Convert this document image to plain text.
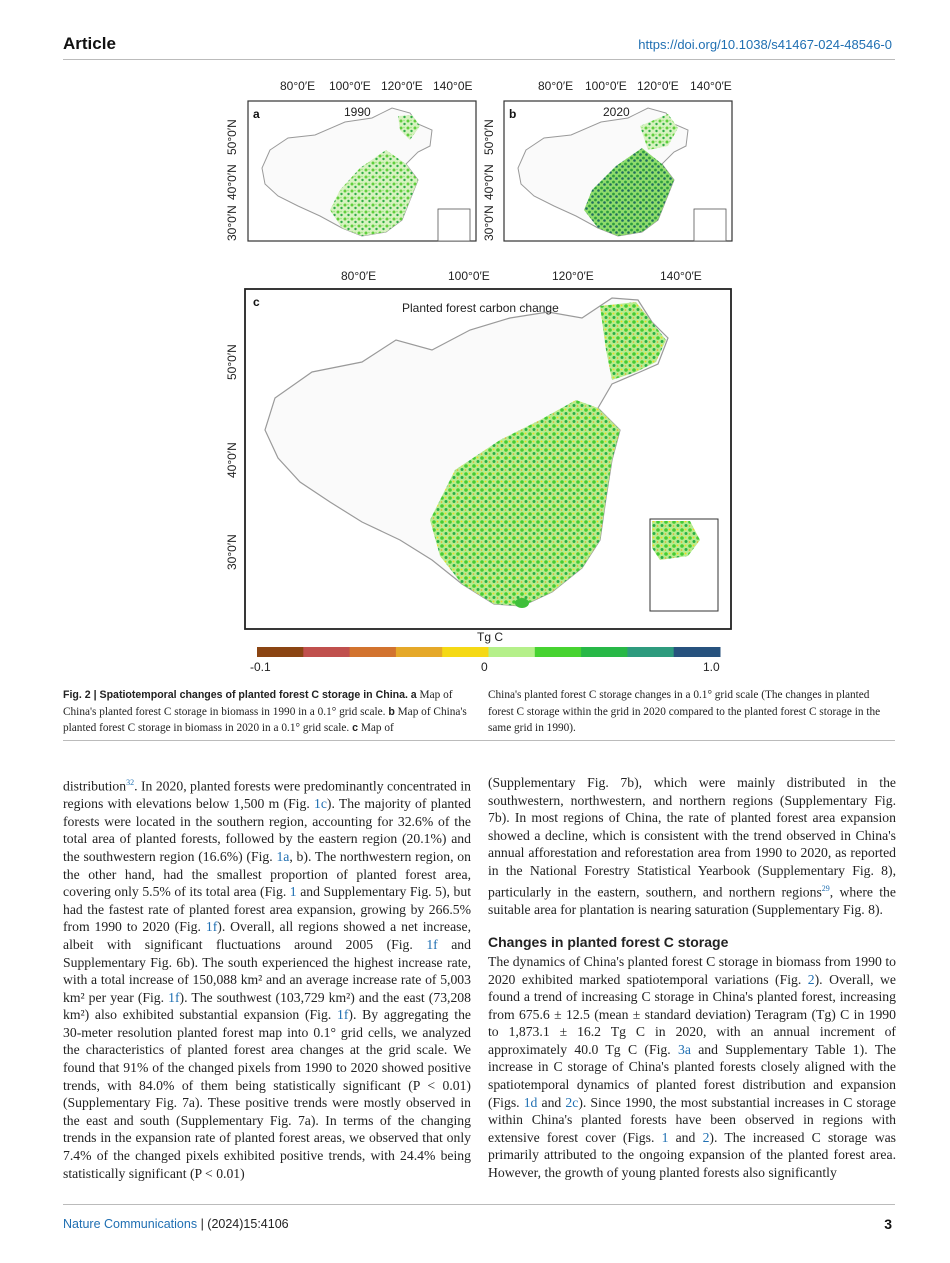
Article	https://doi.org/10.1038/s41467-024-48546-0
a	1990
80°0′E 100°0′E 120°0′E 140°0E
50°0′N
40°0′N
30°0′N
b	2020
80°0′E 100°0′E 120°0′E 140°0′E
50°0′N
40°0′N
30°0′N
c	Planted forest carbon change
80°0′E	100°0′E	120°0′E	140°0′E
50°0′N
40°0′N
30°0′N
Tg C
-0.1	0	1.0
Fig. 2 | Spatiotemporal changes of planted forest C storage in China. a Map of China's planted forest C storage in biomass in 1990 in a 0.1° grid scale. b Map of China's planted forest C storage in biomass in 2020 in a 0.1° grid scale. c Map of
China's planted forest C storage changes in a 0.1° grid scale (The changes in planted forest C storage within the grid in 2020 compared to the planted forest C storage in the same grid in 1990).

distribution$^{32}$. In 2020, planted forests were predominantly concentrated in regions with elevations below 1,500 m (Fig. 1c). The majority of planted forests were located in the southern region, accounting for 32.6% of the total area of planted forests, followed by the eastern region (20.1%) and the southwestern region (16.6%) (Fig. 1a, b). The northwestern region, on the other hand, had the smallest proportion of planted forest area, covering only 5.5% of its total area (Fig. 1 and Supplementary Fig. 5), but had the fastest rate of planted forest area expansion, growing by 266.5% from 1990 to 2020 (Fig. 1f). Overall, all regions showed a net increase, albeit with significant fluctuations around 2005 (Fig. 1f and Supplementary Fig. 6b). The south experienced the highest increase rate, with a total increase of 150,088 km² and an average increase rate of 5,003 km² per year (Fig. 1f). The southwest (103,729 km²) and the east (73,208 km²) also exhibited substantial expansion (Fig. 1f). By aggregating the 30-meter resolution planted forest map into 0.1° grid cells, we analyzed the characteristics of planted forest area changes at the grid scale. We found that 91% of the changed pixels from 1990 to 2020 showed positive trends, with 84.0% of them being statistically significant (P < 0.01) (Supplementary Fig. 7a). These positive trends were mostly observed in the east and south (Supplementary Fig. 7a). In terms of the changing trends in the expansion rate of planted forest areas, we observed that only 7.4% of the changed pixels exhibited positive trends, with 24.4% being statistically significant (P < 0.01)

(Supplementary Fig. 7b), which were mainly distributed in the southwestern, northwestern, and northern regions (Supplementary Fig. 7b). In most regions of China, the rate of planted forest area expansion showed a decline, which is consistent with the trend observed in China's annual afforestation and reforestation area from 1990 to 2020, as reported in the National Forestry Statistical Yearbook (Supplementary Fig. 8), particularly in the eastern, southern, and northern regions$^{29}$, where the suitable area for plantation is nearing saturation (Supplementary Fig. 8).

Changes in planted forest C storage

The dynamics of China's planted forest C storage in biomass from 1990 to 2020 exhibited marked spatiotemporal variations (Fig. 2). Overall, we found a trend of increasing C storage in China's planted forest, increasing from 675.6 ± 12.5 (mean ± standard deviation) Teragram (Tg) C in 1990 to 1,873.1 ± 16.2 Tg C in 2020, with an annual increment of approximately 40.0 Tg C (Fig. 3a and Supplementary Table 1). The increase in C storage of China's planted forests closely aligned with the spatiotemporal dynamics of planted forest distribution and expansion (Figs. 1d and 2c). Since 1990, the most substantial increases in C storage within China's planted forests have been observed in regions with extensive forest cover (Figs. 1 and 2). The increased C storage was primarily attributed to the ongoing expansion of the planted forest area. However, the growth of young planted forests also significantly

Nature Communications | (2024)15:4106	3
